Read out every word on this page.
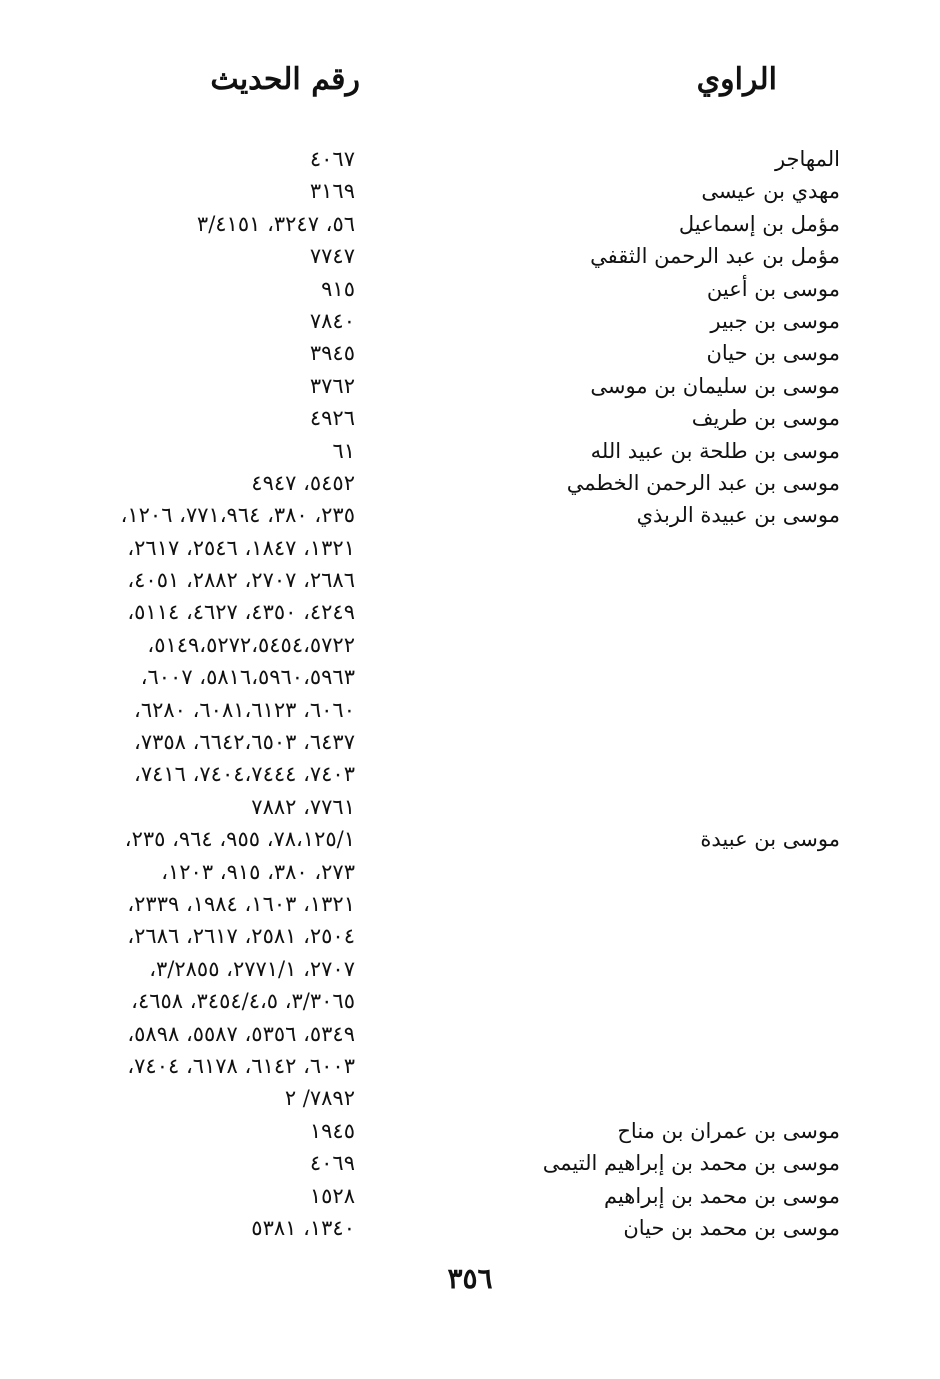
الراوي
رقم الحديث
المهاجر
٤٠٦٧
مهدي بن عيسى
٣١٦٩
مؤمل بن إسماعيل
٥٦، ٣٢٤٧، ٣/٤١٥١
مؤمل بن عبد الرحمن الثقفي
٧٧٤٧
موسى بن أعين
٩١٥
موسى بن جبير
٧٨٤٠
موسى بن حيان
٣٩٤٥
موسى بن سليمان بن موسى
٣٧٦٢
موسى بن طريف
٤٩٢٦
موسى بن طلحة بن عبيد الله
٦١
موسى بن عبد الرحمن الخطمي
٥٤٥٢، ٤٩٤٧
موسى بن عبيدة الربذي
٢٣٥، ٣٨٠، ٧٧١،٩٦٤، ١٢٠٦،
١٣٢١، ١٨٤٧، ٢٥٤٦، ٢٦١٧،
٢٦٨٦، ٢٧٠٧، ٢٨٨٢، ٤٠٥١،
٤٢٤٩، ٤٣٥٠، ٤٦٢٧، ٥١١٤،
٥١٤٩،٥٢٧٢،٥٤٥٤،٥٧٢٢،
٥٨١٦،٥٩٦٠،٥٩٦٣، ٦٠٠٧،
٦٠٦٠، ٦٠٨١،٦١٢٣، ٦٢٨٠،
٦٤٣٧، ٦٦٤٢،٦٥٠٣، ٧٣٥٨،
٧٤٠٣، ٧٤٠٤،٧٤٤٤، ٧٤١٦،
٧٧٦١، ٧٨٨٢
موسى بن عبيدة
٧٨،١٢٥/١، ٩٥٥، ٩٦٤، ٢٣٥،
٢٧٣، ٣٨٠، ٩١٥، ١٢٠٣،
١٣٢١، ١٦٠٣، ١٩٨٤، ٢٣٣٩،
٢٥٠٤، ٢٥٨١، ٢٦١٧، ٢٦٨٦،
٢٧٠٧، ٢٧٧١/١، ٣/٢٨٥٥،
٣/٣٠٦٥، ٣٤٥٤/٤،٥، ٤٦٥٨،
٥٣٤٩، ٥٣٥٦، ٥٥٨٧، ٥٨٩٨،
٦٠٠٣، ٦١٤٢، ٦١٧٨، ٧٤٠٤،
٧٨٩٢/ ٢
موسى بن عمران بن مناح
١٩٤٥
موسى بن محمد بن إبراهيم التيمى
٤٠٦٩
موسى بن محمد بن إبراهيم
١٥٢٨
موسى بن محمد بن حيان
١٣٤٠، ٥٣٨١
٣٥٦
